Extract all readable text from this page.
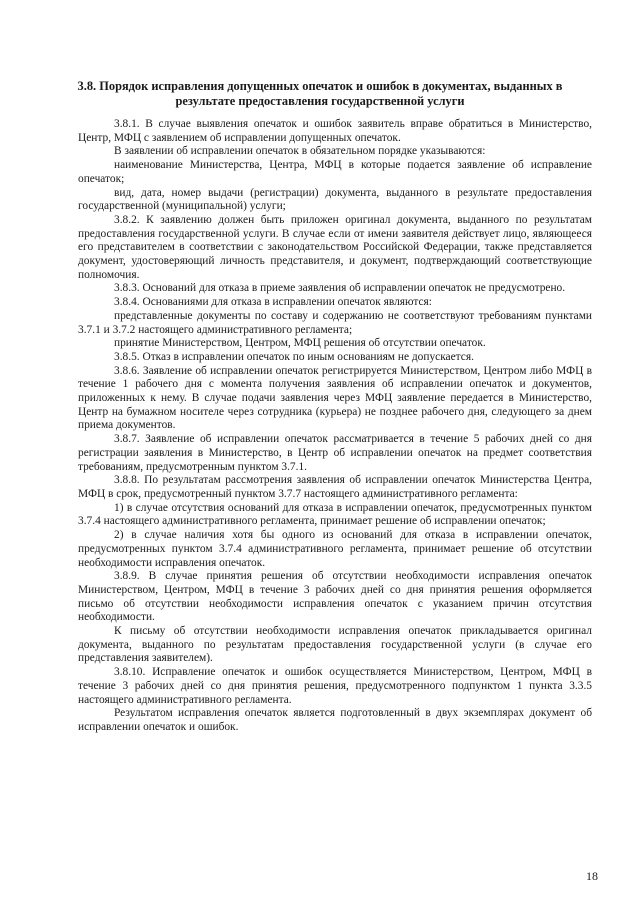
3.8. Порядок исправления допущенных опечаток и ошибок в документах, выданных в результате предоставления государственной услуги

3.8.1. В случае выявления опечаток и ошибок заявитель вправе обратиться в Министерство, Центр, МФЦ с заявлением об исправлении допущенных опечаток.

В заявлении об исправлении опечаток в обязательном порядке указываются:

наименование Министерства, Центра, МФЦ в которые подается заявление об исправление опечаток;

вид, дата, номер выдачи (регистрации) документа, выданного в результате предоставления государственной (муниципальной) услуги;

3.8.2. К заявлению должен быть приложен оригинал документа, выданного по результатам предоставления государственной услуги. В случае если от имени заявителя действует лицо, являющееся его представителем в соответствии с законодательством Российской Федерации, также представляется документ, удостоверяющий личность представителя, и документ, подтверждающий соответствующие полномочия.

3.8.3. Оснований для отказа в приеме заявления об исправлении опечаток не предусмотрено.

3.8.4. Основаниями для отказа в исправлении опечаток являются:

представленные документы по составу и содержанию не соответствуют требованиям пунктами 3.7.1 и 3.7.2 настоящего административного регламента;

принятие Министерством, Центром, МФЦ решения об отсутствии опечаток.

3.8.5. Отказ в исправлении опечаток по иным основаниям не допускается.

3.8.6. Заявление об исправлении опечаток регистрируется Министерством, Центром либо МФЦ в течение 1 рабочего дня с момента получения заявления об исправлении опечаток и документов, приложенных к нему. В случае подачи заявления через МФЦ заявление передается в Министерство, Центр на бумажном носителе через сотрудника (курьера) не позднее рабочего дня, следующего за днем приема документов.

3.8.7. Заявление об исправлении опечаток рассматривается в течение 5 рабочих дней со дня регистрации заявления в Министерство, в Центр об исправлении опечаток на предмет соответствия требованиям, предусмотренным пунктом 3.7.1.

3.8.8. По результатам рассмотрения заявления об исправлении опечаток Министерства Центра, МФЦ в срок, предусмотренный пунктом 3.7.7 настоящего административного регламента:

1) в случае отсутствия оснований для отказа в исправлении опечаток, предусмотренных пунктом 3.7.4 настоящего административного регламента, принимает решение об исправлении опечаток;

2) в случае наличия хотя бы одного из оснований для отказа в исправлении опечаток, предусмотренных пунктом 3.7.4 административного регламента, принимает решение об отсутствии необходимости исправления опечаток.

3.8.9. В случае принятия решения об отсутствии необходимости исправления опечаток Министерством, Центром, МФЦ в течение 3 рабочих дней со дня принятия решения оформляется письмо об отсутствии необходимости исправления опечаток с указанием причин отсутствия необходимости.

К письму об отсутствии необходимости исправления опечаток прикладывается оригинал документа, выданного по результатам предоставления государственной услуги (в случае его представления заявителем).

3.8.10. Исправление опечаток и ошибок осуществляется Министерством, Центром, МФЦ в течение 3 рабочих дней со дня принятия решения, предусмотренного подпунктом 1 пункта 3.3.5 настоящего административного регламента.

Результатом исправления опечаток является подготовленный в двух экземплярах документ об исправлении опечаток и ошибок.

18
